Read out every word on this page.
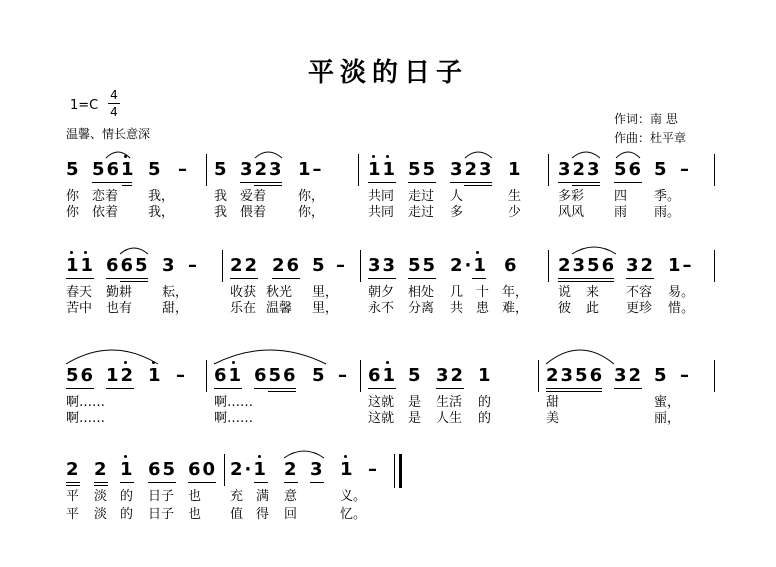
平淡的日子
1=C
4
4
温馨、情长意深
作词：南 思
作曲：杜平章
5 561 5 – 5 323 1– 11 55 323 1 323 56 5 –
你 恋着 我，	我 爱着 你，	共同 走过 人	生	多彩 四 季。
你 依着 我，	我 偎着 你，	共同 走过 多	少	风风 雨 雨。
11 665 3 – 22 26 5 – 33 55 2·1 6 2356 32 1–
春天 勤耕 耘，	收获 秋光 里， 朝夕 相处 几 十 年， 说 来 不容 易。
苦中 也有 甜，	乐在 温馨 里， 永不 分离 共 患 难， 彼 此 更珍 惜。
56 12 1 – 61 656 5 – 61 5 32 1	2356 32 5 –
啊……	啊……	这就 是 生活 的	甜	蜜，
啊……	啊……	这就 是 人生 的	美	丽，
2 2 1 65 60 2·1 2 3 1 –
平 淡 的 日子 也 充 满 意	义。
平 淡 的 日子 也 值 得 回	忆。
